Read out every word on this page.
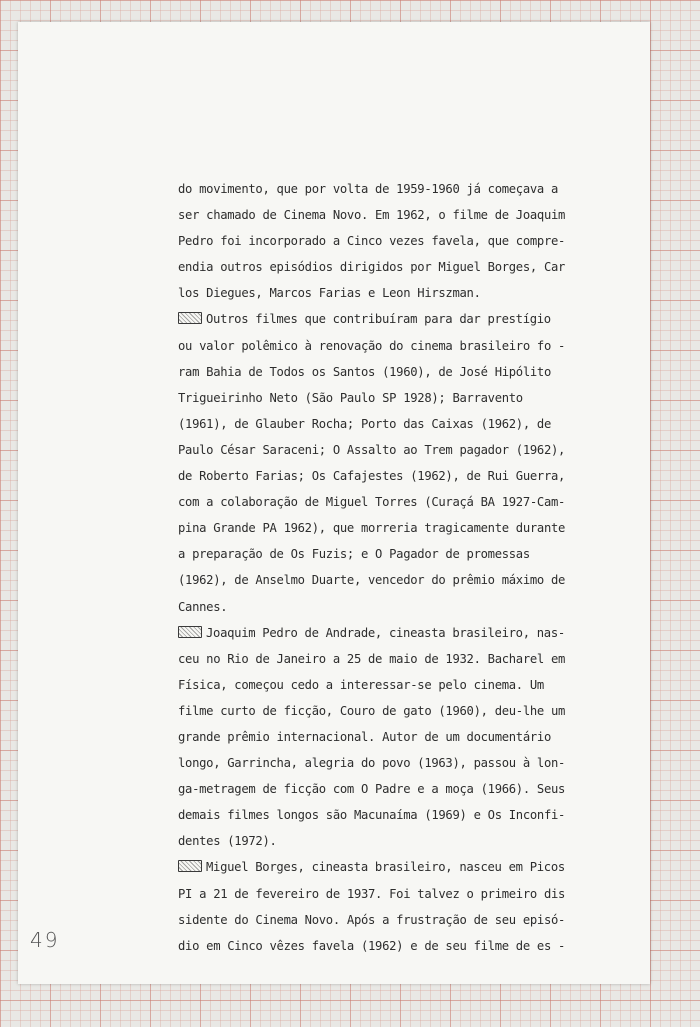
do movimento, que por volta de 1959-1960 já começava a
ser chamado de Cinema Novo. Em 1962, o filme de Joaquim
Pedro foi incorporado a Cinco vezes favela, que compre-
endia outros episódios dirigidos por Miguel Borges, Car
los Diegues, Marcos Farias e Leon Hirszman.
Outros filmes que contribuíram para dar prestígio
ou valor polêmico à renovação do cinema brasileiro fo -
ram Bahia de Todos os Santos (1960), de José Hipólito
Trigueirinho Neto (São Paulo SP 1928); Barravento
(1961), de Glauber Rocha; Porto das Caixas (1962), de
Paulo César Saraceni; O Assalto ao Trem pagador (1962),
de Roberto Farias; Os Cafajestes (1962), de Rui Guerra,
com a colaboração de Miguel Torres (Curaçá BA 1927-Cam-
pina Grande PA 1962), que morreria tragicamente durante
a preparação de Os Fuzis; e O Pagador de promessas
(1962), de Anselmo Duarte, vencedor do prêmio máximo de
Cannes.
Joaquim Pedro de Andrade, cineasta brasileiro, nas-
ceu no Rio de Janeiro a 25 de maio de 1932. Bacharel em
Física, começou cedo a interessar-se pelo cinema. Um
filme curto de ficção, Couro de gato (1960), deu-lhe um
grande prêmio internacional. Autor de um documentário
longo, Garrincha, alegria do povo (1963), passou à lon-
ga-metragem de ficção com O Padre e a moça (1966). Seus
demais filmes longos são Macunaíma (1969) e Os Inconfi-
dentes (1972).
Miguel Borges, cineasta brasileiro, nasceu em Picos
PI a 21 de fevereiro de 1937. Foi talvez o primeiro dis
sidente do Cinema Novo. Após a frustração de seu episó-
dio em Cinco vêzes favela (1962) e de seu filme de es -
49
